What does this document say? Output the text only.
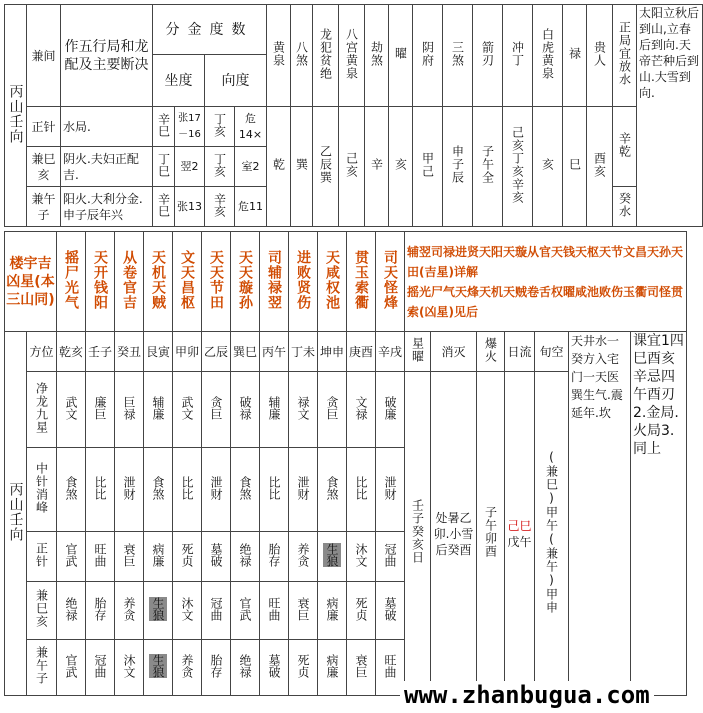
丙山壬向	兼间	作五行局和龙配及主要断决	分金度数				黄泉	八煞	龙犯贫绝	八宫黄泉	劫煞	曜	阴府	三煞	箭刃	冲丁	白虎黄泉	禄	贵人	正局宜放水	太阳立秋后到山,立春后到向.天帝芒种后到山.大雪到向.
			坐度		向度																
	正针	水局.	辛巳	张17－16	丁亥	危14×	乾	巽	乙辰巽	己亥	辛	亥	甲己	申子辰	子午全	己亥丁亥辛亥	亥	巳	酉亥	辛乾	
	兼巳亥	阴火.夫妇正配吉.	丁巳	翌2	丁亥	室2															
	兼午子	阳火.大利分金.申子辰年兴	辛巳	张13	辛亥	危11														癸水	
楼宇吉凶星(本三山同)		摇尸光气	天开钱阳	从卷官吉	天机天贼	文天昌枢	天天节田	天天璇孙	司辅禄翌	进败贤伤	天咸权池	贯玉索衢	司天怪烽	辅翌司禄进贤天阳天璇从官天钱天枢天节文昌天孙天田(吉星)详解
摇光尸气天烽天机天贼卷舌权曜咸池败伤玉衢司怪贯索(凶星)见后						

丙山壬向	方位	乾亥	壬子	癸丑	艮寅	甲卯	乙辰	巽巳	丙午	丁未	坤申	庚酉	辛戌	星曜	消灭	爆火	日流	旬空	天井水一癸方入宅门一天医巽生气.震延年.坎	课宜1四巳酉亥辛忌四午酉刃2.金局.火局3.同上
	净龙九星	武文	廉巨	巨禄	辅廉	武文	贪巨	破禄	辅廉	禄文	贪巨	文禄	破廉	壬子癸亥日	处暑乙卯.小雪后癸酉	子午卯酉	己巳戊午	(兼巳)甲午(兼午)甲申		
	中针消峰	食煞	比比	泄财	食煞	比比	泄财	食煞	比比	泄财	食煞	比比	泄财							
	正针	官武	旺曲	衰巨	病廉	死贞	墓破	绝禄	胎存	养贪	生狼	沐文	冠曲							
	兼巳亥	绝禄	胎存	养贪	生狼	沐文	冠曲	官武	旺曲	衰巨	病廉	死贞	墓破							
	兼午子	官武	冠曲	沐文	生狼	养贪	胎存	绝禄	墓破	死贞	病廉	衰巨	旺曲							
www.zhanbugua.com
